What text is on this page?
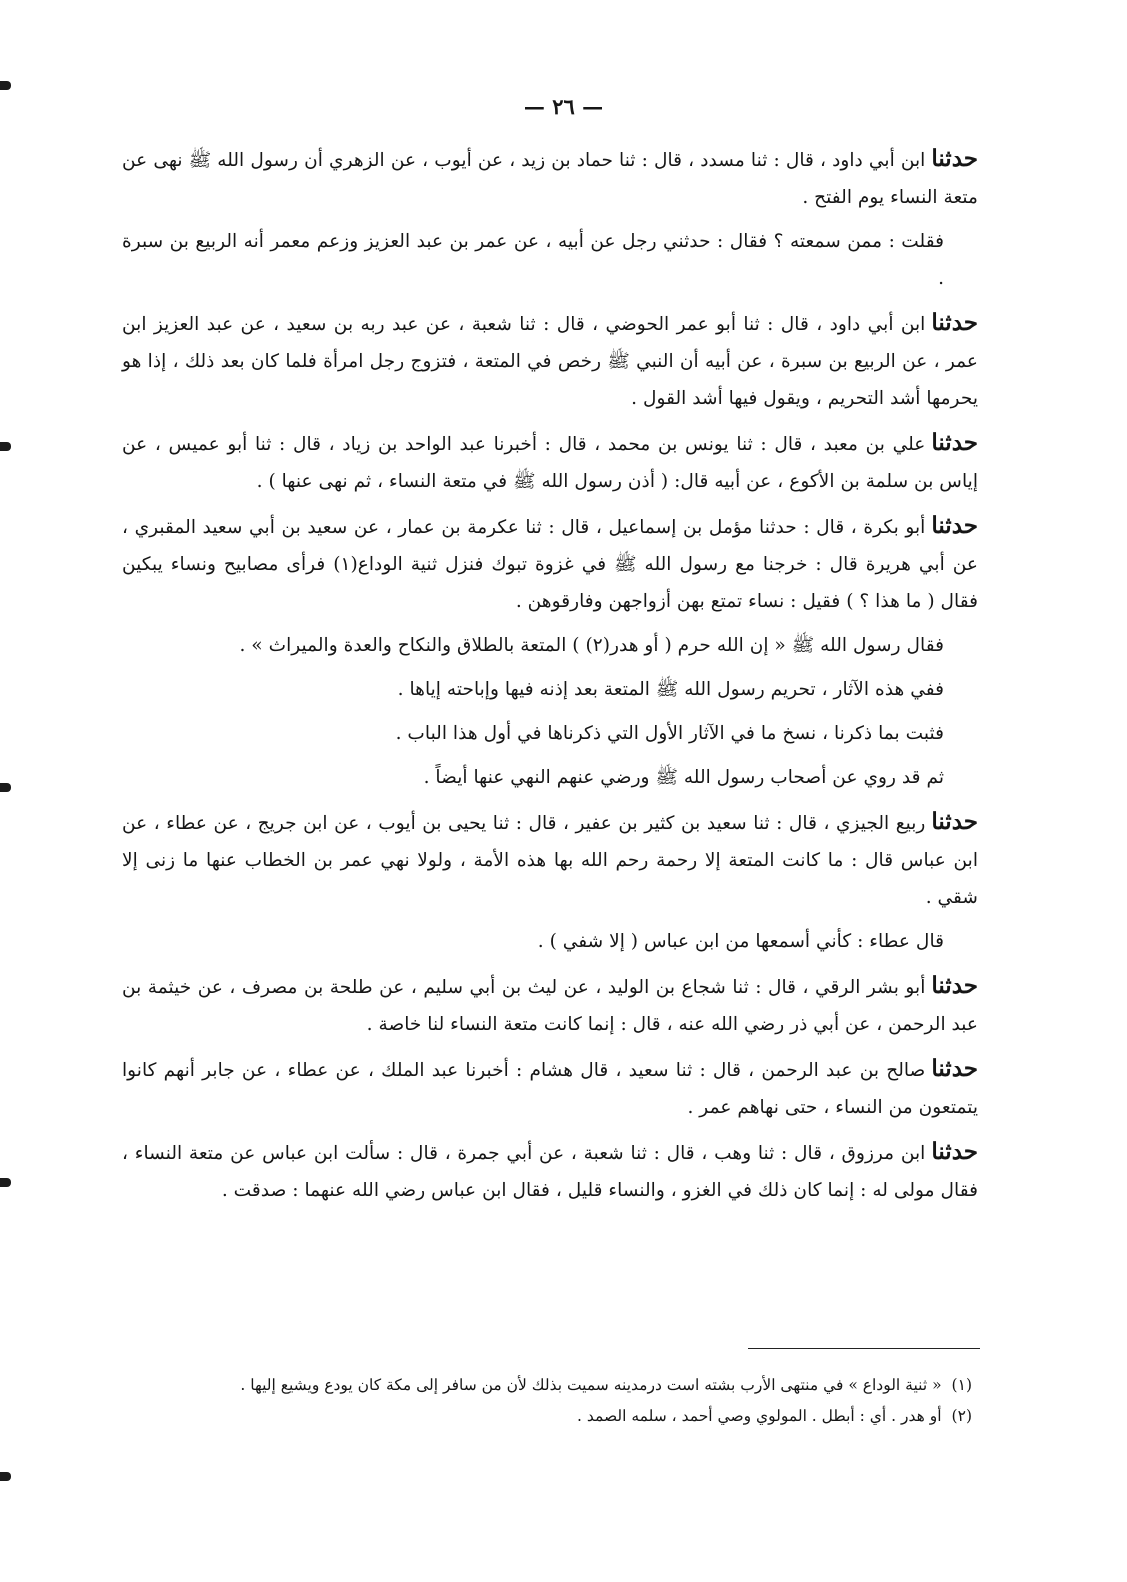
— ٢٦ —

حدثناابن أبي داود ، قال : ثنا مسدد ، قال : ثنا حماد بن زيد ، عن أيوب ، عن الزهري أن رسول الله ﷺ نهى عن متعة النساء يوم الفتح .

فقلت : ممن سمعته ؟ فقال : حدثني رجل عن أبيه ، عن عمر بن عبد العزيز وزعم معمر أنه الربيع بن سبرة .

حدثناابن أبي داود ، قال : ثنا أبو عمر الحوضي ، قال : ثنا شعبة ، عن عبد ربه بن سعيد ، عن عبد العزيز ابن عمر ، عن الربيع بن سبرة ، عن أبيه أن النبي ﷺ رخص في المتعة ، فتزوج رجل امرأة فلما كان بعد ذلك ، إذا هو يحرمها أشد التحريم ، ويقول فيها أشد القول .

حدثناعلي بن معبد ، قال : ثنا يونس بن محمد ، قال : أخبرنا عبد الواحد بن زياد ، قال : ثنا أبو عميس ، عن إياس بن سلمة بن الأكوع ، عن أبيه قال: ( أذن رسول الله ﷺ في متعة النساء ، ثم نهى عنها ) .

حدثناأبو بكرة ، قال : حدثنا مؤمل بن إسماعيل ، قال : ثنا عكرمة بن عمار ، عن سعيد بن أبي سعيد المقبري ، عن أبي هريرة قال : خرجنا مع رسول الله ﷺ في غزوة تبوك فنزل ثنية الوداع(١) فرأى مصابيح ونساء يبكين فقال ( ما هذا ؟ ) فقيل : نساء تمتع بهن أزواجهن وفارقوهن .

فقال رسول الله ﷺ « إن الله حرم ( أو هدر(٢) ) المتعة بالطلاق والنكاح والعدة والميراث » .

ففي هذه الآثار ، تحريم رسول الله ﷺ المتعة بعد إذنه فيها وإباحته إياها .

فثبت بما ذكرنا ، نسخ ما في الآثار الأول التي ذكرناها في أول هذا الباب .

ثم قد روي عن أصحاب رسول الله ﷺ ورضي عنهم النهي عنها أيضاً .

حدثناربيع الجيزي ، قال : ثنا سعيد بن كثير بن عفير ، قال : ثنا يحيى بن أيوب ، عن ابن جريج ، عن عطاء ، عن ابن عباس قال : ما كانت المتعة إلا رحمة رحم الله بها هذه الأمة ، ولولا نهي عمر بن الخطاب عنها ما زنى إلا شقي .

قال عطاء : كأني أسمعها من ابن عباس ( إلا شفي ) .

حدثناأبو بشر الرقي ، قال : ثنا شجاع بن الوليد ، عن ليث بن أبي سليم ، عن طلحة بن مصرف ، عن خيثمة بن عبد الرحمن ، عن أبي ذر رضي الله عنه ، قال : إنما كانت متعة النساء لنا خاصة .

حدثناصالح بن عبد الرحمن ، قال : ثنا سعيد ، قال هشام : أخبرنا عبد الملك ، عن عطاء ، عن جابر أنهم كانوا يتمتعون من النساء ، حتى نهاهم عمر .

حدثناابن مرزوق ، قال : ثنا وهب ، قال : ثنا شعبة ، عن أبي جمرة ، قال : سألت ابن عباس عن متعة النساء ، فقال مولى له : إنما كان ذلك في الغزو ، والنساء قليل ، فقال ابن عباس رضي الله عنهما : صدقت .

(١)« ثنية الوداع » في منتهى الأرب بشته است درمدينه سميت بذلك لأن من سافر إلى مكة كان يودع ويشيع إليها .

(٢)أو هدر . أي : أبطل . المولوي وصي أحمد ، سلمه الصمد .
